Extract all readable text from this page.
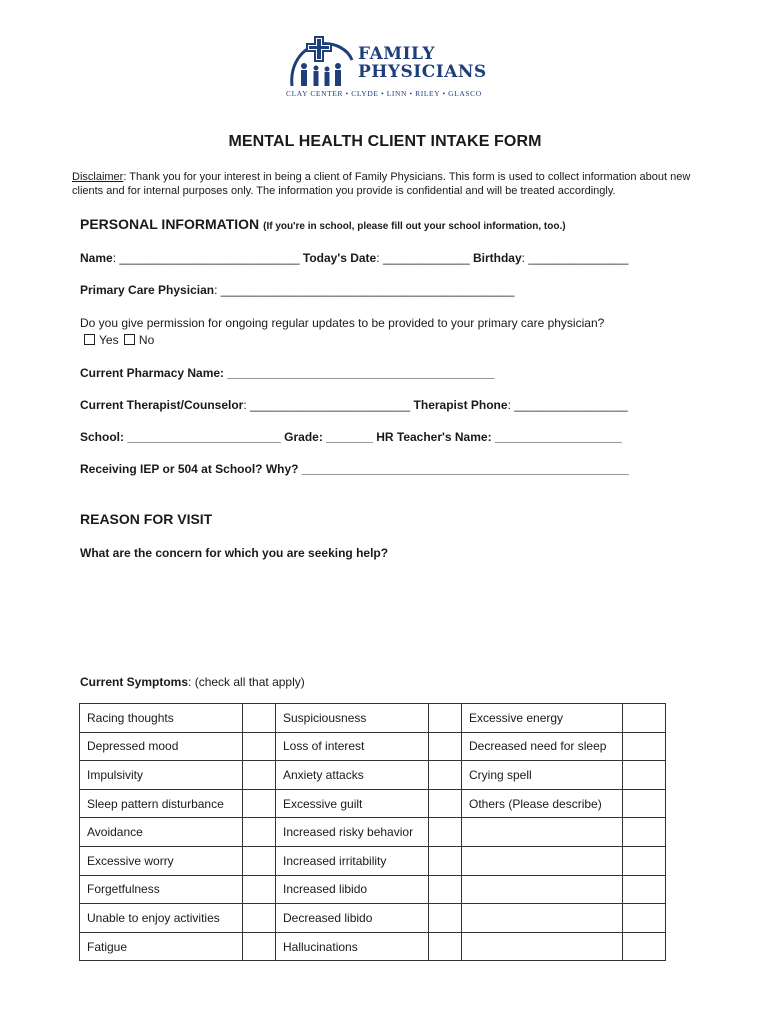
FAMILY
PHYSICIANS
CLAY CENTER • CLYDE • LINN • RILEY • GLASCO
MENTAL HEALTH CLIENT INTAKE FORM
Disclaimer: Thank you for your interest in being a client of Family Physicians. This form is used to collect information about new clients and for internal purposes only. The information you provide is confidential and will be treated accordingly.
PERSONAL INFORMATION (If you're in school, please fill out your school information, too.)
Name: ___________________________ Today's Date: _____________ Birthday: _______________
Primary Care Physician: ____________________________________________
Do you give permission for ongoing regular updates to be provided to your primary care physician?
Yes No
Current Pharmacy Name: ________________________________________
Current Therapist/Counselor: ________________________ Therapist Phone: _________________
School: _______________________ Grade: _______ HR Teacher's Name: ___________________
Receiving IEP or 504 at School? Why? _________________________________________________
REASON FOR VISIT
What are the concern for which you are seeking help?
Current Symptoms: (check all that apply)
Racing thoughts		Suspiciousness		Excessive energy	
Depressed mood		Loss of interest		Decreased need for sleep	
Impulsivity		Anxiety attacks		Crying spell	
Sleep pattern disturbance		Excessive guilt		Others (Please describe)	
Avoidance		Increased risky behavior			
Excessive worry		Increased irritability			
Forgetfulness		Increased libido			
Unable to enjoy activities		Decreased libido			
Fatigue		Hallucinations			
